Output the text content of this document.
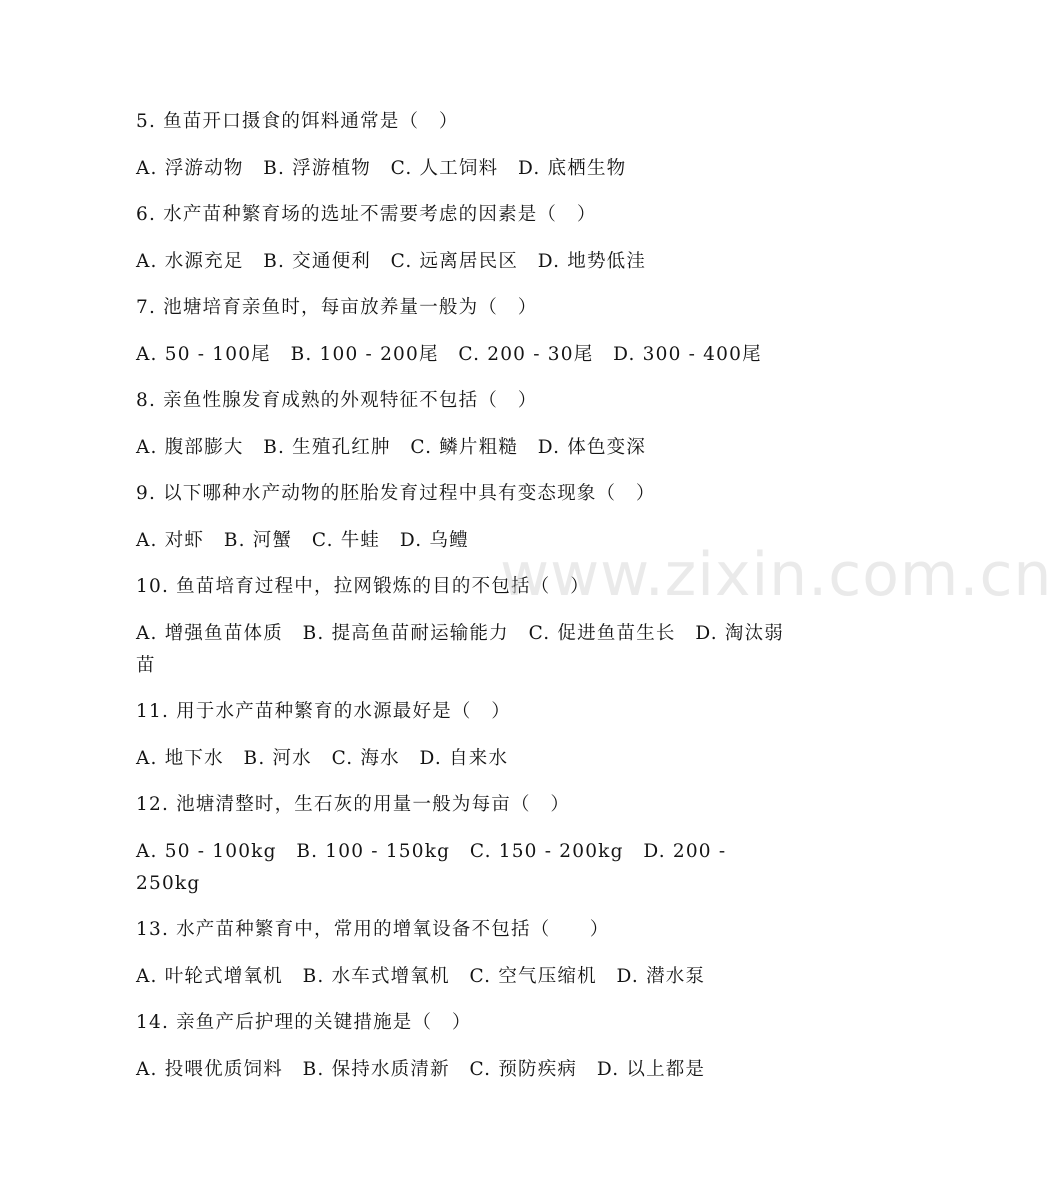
5. 鱼苗开口摄食的饵料通常是（　）

A. 浮游动物　B. 浮游植物　C. 人工饲料　D. 底栖生物

6. 水产苗种繁育场的选址不需要考虑的因素是（　）

A. 水源充足　B. 交通便利　C. 远离居民区　D. 地势低洼

7. 池塘培育亲鱼时，每亩放养量一般为（　）

A. 50 - 100尾　B. 100 - 200尾　C. 200 - 30尾　D. 300 - 400尾

8. 亲鱼性腺发育成熟的外观特征不包括（　）

A. 腹部膨大　B. 生殖孔红肿　C. 鳞片粗糙　D. 体色变深

9. 以下哪种水产动物的胚胎发育过程中具有变态现象（　）

A. 对虾　B. 河蟹　C. 牛蛙　D. 乌鳢

10. 鱼苗培育过程中，拉网锻炼的目的不包括（　）

A. 增强鱼苗体质　B. 提高鱼苗耐运输能力　C. 促进鱼苗生长　D. 淘汰弱苗

11. 用于水产苗种繁育的水源最好是（　）

A. 地下水　B. 河水　C. 海水　D. 自来水

12. 池塘清整时，生石灰的用量一般为每亩（　）

A. 50 - 100kg　B. 100 - 150kg　C. 150 - 200kg　D. 200 - 250kg

13. 水产苗种繁育中，常用的增氧设备不包括（　　）

A. 叶轮式增氧机　B. 水车式增氧机　C. 空气压缩机　D. 潜水泵

14. 亲鱼产后护理的关键措施是（　）

A. 投喂优质饲料　B. 保持水质清新　C. 预防疾病　D. 以上都是

www.zixin.com.cn
